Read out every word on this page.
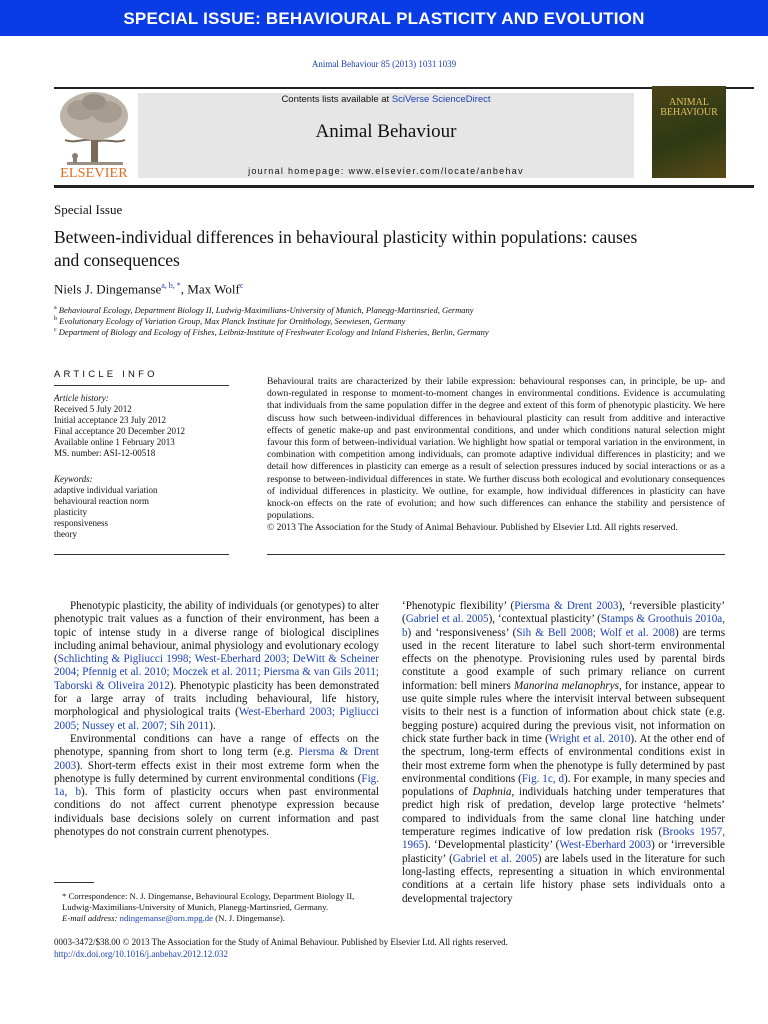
SPECIAL ISSUE: BEHAVIOURAL PLASTICITY AND EVOLUTION
Animal Behaviour 85 (2013) 1031 1039
ELSEVIER
Contents lists available at SciVerse ScienceDirect
Animal Behaviour
journal homepage: www.elsevier.com/locate/anbehav
ANIMAL
BEHAVIOUR
Special Issue
Between-individual differences in behavioural plasticity within populations: causes and consequences
Niels J. Dingemanse$^{a, b, *}$, Max Wolf$^c$
$^a$ Behavioural Ecology, Department Biology II, Ludwig-Maximilians-University of Munich, Planegg-Martinsried, Germany
$^b$ Evolutionary Ecology of Variation Group, Max Planck Institute for Ornithology, Seewiesen, Germany
$^c$ Department of Biology and Ecology of Fishes, Leibniz-Institute of Freshwater Ecology and Inland Fisheries, Berlin, Germany
ARTICLE INFO
Article history:
Received 5 July 2012
Initial acceptance 23 July 2012
Final acceptance 20 December 2012
Available online 1 February 2013
MS. number: ASI-12-00518
Keywords:
adaptive individual variation
behavioural reaction norm
plasticity
responsiveness
theory
Behavioural traits are characterized by their labile expression: behavioural responses can, in principle, be up- and down-regulated in response to moment-to-moment changes in environmental conditions. Evidence is accumulating that individuals from the same population differ in the degree and extent of this form of phenotypic plasticity. We here discuss how such between-individual differences in behavioural plasticity can result from additive and interactive effects of genetic make-up and past environmental conditions, and under which conditions natural selection might favour this form of between-individual variation. We highlight how spatial or temporal variation in the environment, in combination with competition among individuals, can promote adaptive individual differences in plasticity; and we detail how differences in plasticity can emerge as a result of selection pressures induced by social interactions or as a response to between-individual differences in state. We further discuss both ecological and evolutionary consequences of individual differences in plasticity. We outline, for example, how individual differences in plasticity can have knock-on effects on the rate of evolution; and how such differences can enhance the stability and persistence of populations.
© 2013 The Association for the Study of Animal Behaviour. Published by Elsevier Ltd. All rights reserved.

Phenotypic plasticity, the ability of individuals (or genotypes) to alter phenotypic trait values as a function of their environment, has been a topic of intense study in a diverse range of biological disciplines including animal behaviour, animal physiology and evolutionary ecology (Schlichting & Pigliucci 1998; West-Eberhard 2003; DeWitt & Scheiner 2004; Pfennig et al. 2010; Moczek et al. 2011; Piersma & van Gils 2011; Taborski & Oliveira 2012). Phenotypic plasticity has been demonstrated for a large array of traits including behavioural, life history, morphological and physiological traits (West-Eberhard 2003; Pigliucci 2005; Nussey et al. 2007; Sih 2011).

Environmental conditions can have a range of effects on the phenotype, spanning from short to long term (e.g. Piersma & Drent 2003). Short-term effects exist in their most extreme form when the phenotype is fully determined by current environmental conditions (Fig. 1a, b). This form of plasticity occurs when past environmental conditions do not affect current phenotype expression because individuals base decisions solely on current information and past phenotypes do not constrain current phenotypes.

‘Phenotypic flexibility’ (Piersma & Drent 2003), ‘reversible plasticity’ (Gabriel et al. 2005), ‘contextual plasticity’ (Stamps & Groothuis 2010a, b) and ‘responsiveness’ (Sih & Bell 2008; Wolf et al. 2008) are terms used in the recent literature to label such short-term environmental effects on the phenotype. Provisioning rules used by parental birds constitute a good example of such primary reliance on current information: bell miners Manorina melanophrys, for instance, appear to use quite simple rules where the intervisit interval between subsequent visits to their nest is a function of information about chick state (e.g. begging posture) acquired during the previous visit, not information on chick state further back in time (Wright et al. 2010). At the other end of the spectrum, long-term effects of environmental conditions exist in their most extreme form when the phenotype is fully determined by past environmental conditions (Fig. 1c, d). For example, in many species and populations of Daphnia, individuals hatching under temperatures that predict high risk of predation, develop large protective ‘helmets’ compared to individuals from the same clonal line hatching under temperature regimes indicative of low predation risk (Brooks 1957, 1965). ‘Developmental plasticity’ (West-Eberhard 2003) or ‘irreversible plasticity’ (Gabriel et al. 2005) are labels used in the literature for such long-lasting effects, representing a situation in which environmental conditions at a certain life history phase sets individuals onto a developmental trajectory

* Correspondence: N. J. Dingemanse, Behavioural Ecology, Department Biology II, Ludwig-Maximilians-University of Munich, Planegg-Martinsried, Germany.
E-mail address: ndingemanse@orn.mpg.de (N. J. Dingemanse).
0003-3472/$38.00 © 2013 The Association for the Study of Animal Behaviour. Published by Elsevier Ltd. All rights reserved.
http://dx.doi.org/10.1016/j.anbehav.2012.12.032
